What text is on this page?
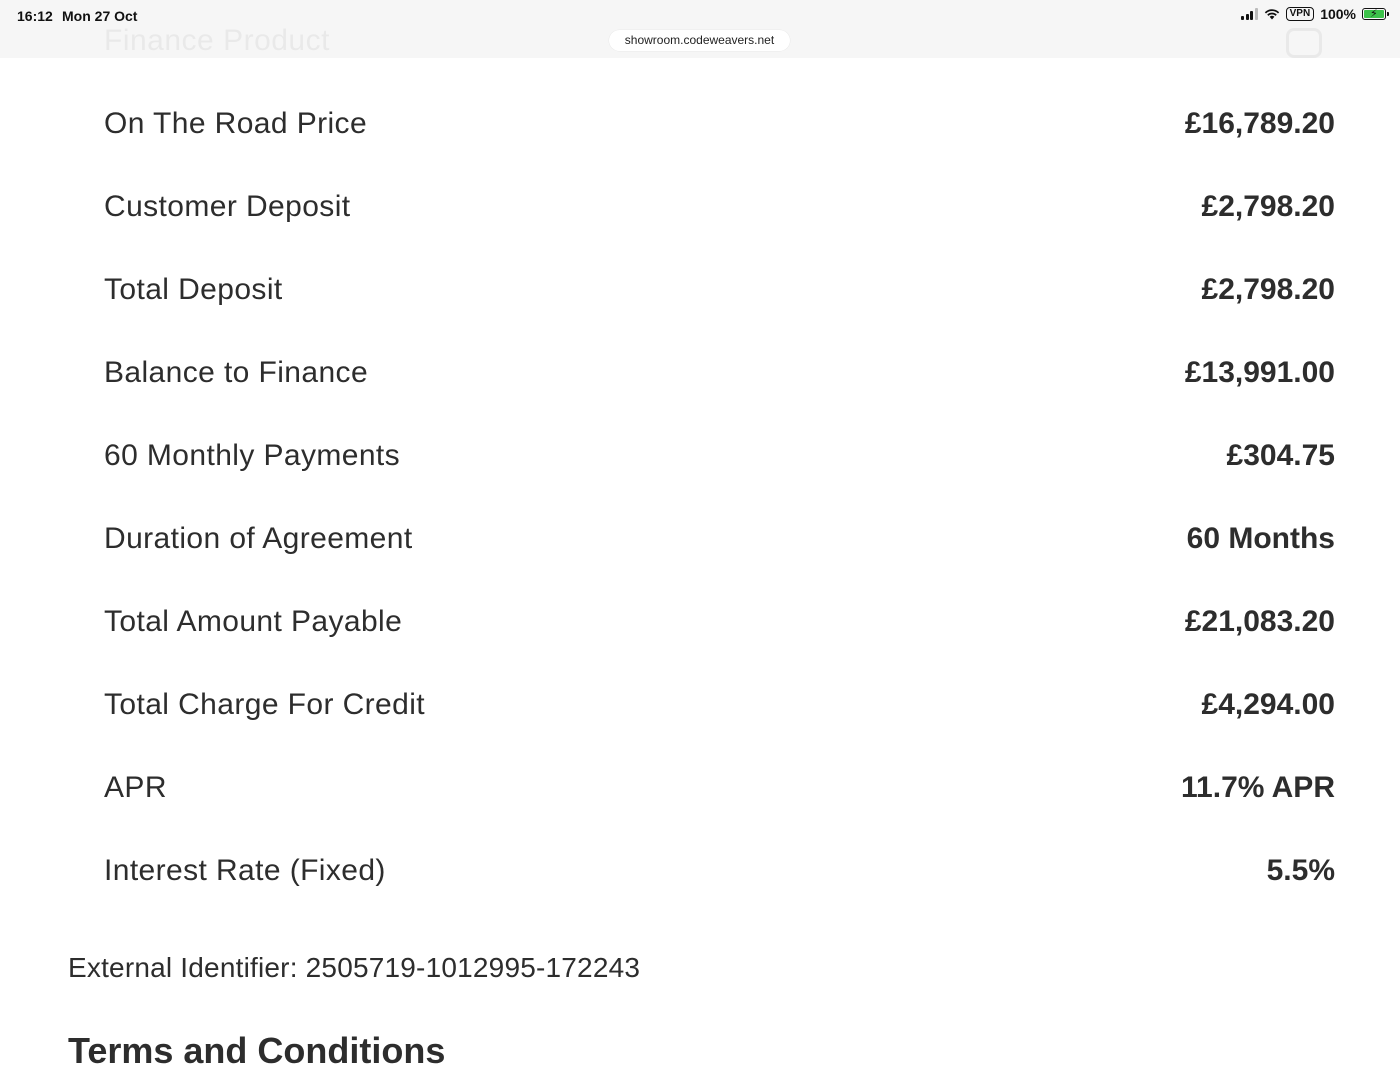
On The Road Price	£16,789.20
Customer Deposit	£2,798.20
Total Deposit	£2,798.20
Balance to Finance	£13,991.00
60 Monthly Payments	£304.75
Duration of Agreement	60 Months
Total Amount Payable	£21,083.20
Total Charge For Credit	£4,294.00
APR	11.7% APR
Interest Rate (Fixed)	5.5%
External Identifier: 2505719-1012995-172243
Terms and Conditions
Finance Product
16:12 Mon 27 Oct	VPN 100% ⚡
showroom.codeweavers.net
